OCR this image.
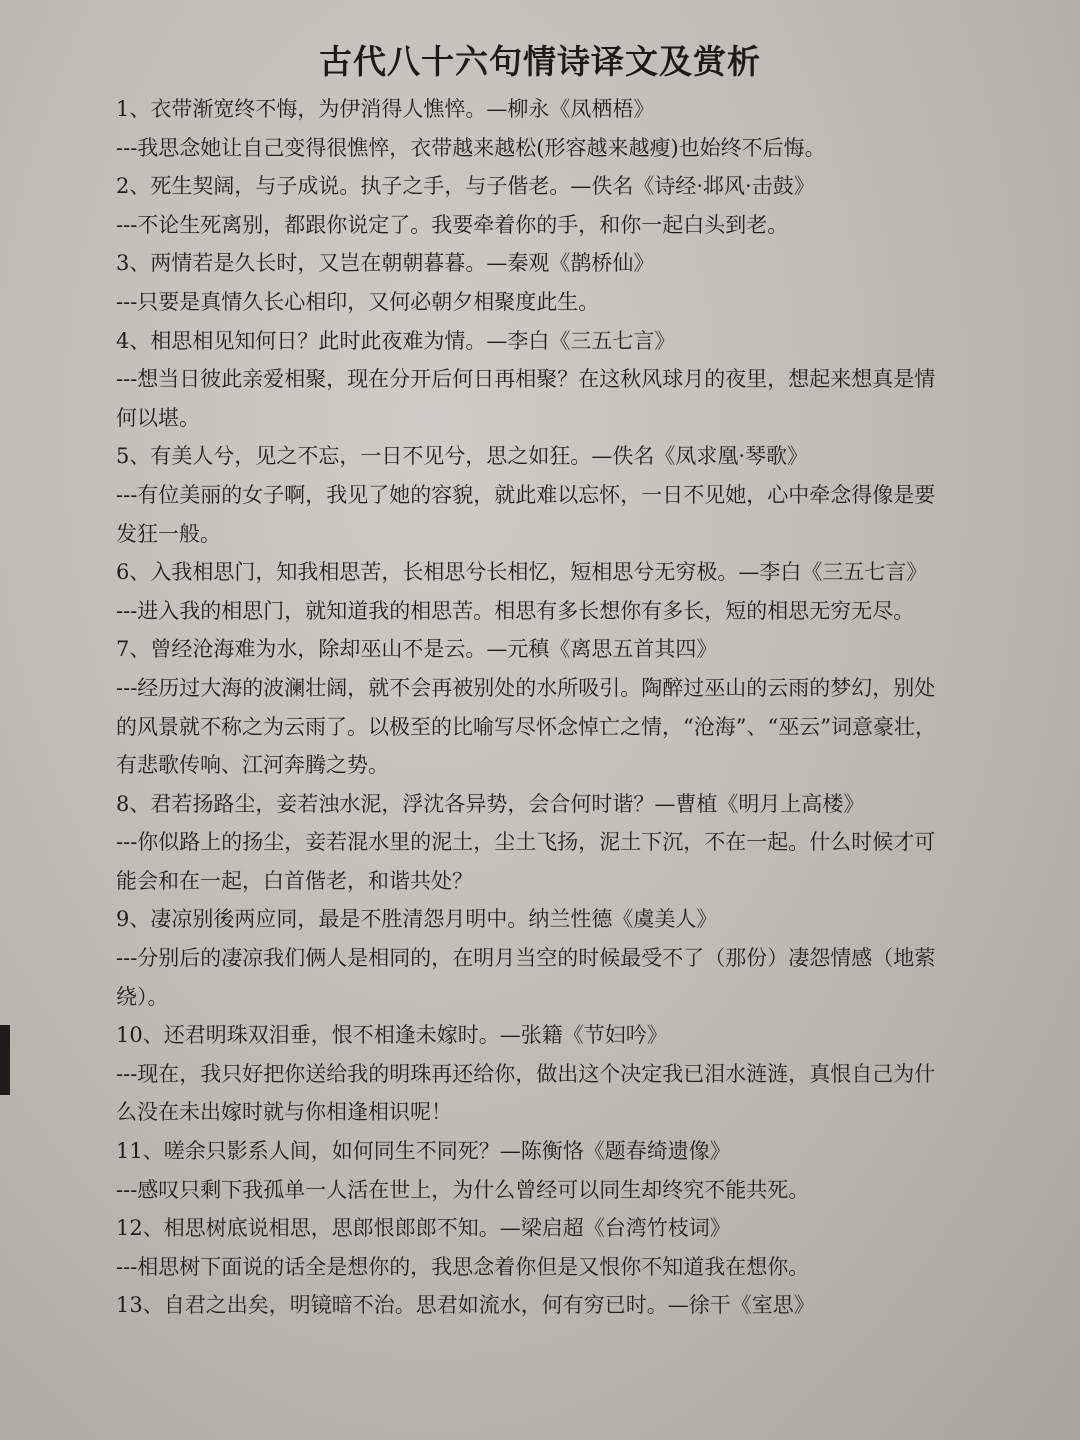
古代八十六句情诗译文及赏析
1、衣带渐宽终不悔，为伊消得人憔悴。—柳永《凤栖梧》
---我思念她让自己变得很憔悴，衣带越来越松(形容越来越瘦)也始终不后悔。
2、死生契阔，与子成说。执子之手，与子偕老。—佚名《诗经·邶风·击鼓》
---不论生死离别，都跟你说定了。我要牵着你的手，和你一起白头到老。
3、两情若是久长时，又岂在朝朝暮暮。—秦观《鹊桥仙》
---只要是真情久长心相印，又何必朝夕相聚度此生。
4、相思相见知何日？此时此夜难为情。—李白《三五七言》
---想当日彼此亲爱相聚，现在分开后何日再相聚？在这秋风球月的夜里，想起来想真是情何以堪。
5、有美人兮，见之不忘，一日不见兮，思之如狂。—佚名《凤求凰·琴歌》
---有位美丽的女子啊，我见了她的容貌，就此难以忘怀，一日不见她，心中牵念得像是要发狂一般。
6、入我相思门，知我相思苦，长相思兮长相忆，短相思兮无穷极。—李白《三五七言》
---进入我的相思门，就知道我的相思苦。相思有多长想你有多长，短的相思无穷无尽。
7、曾经沧海难为水，除却巫山不是云。—元稹《离思五首其四》
---经历过大海的波澜壮阔，就不会再被别处的水所吸引。陶醉过巫山的云雨的梦幻，别处的风景就不称之为云雨了。以极至的比喻写尽怀念悼亡之情，“沧海”、“巫云”词意豪壮，有悲歌传响、江河奔腾之势。
8、君若扬路尘，妾若浊水泥，浮沈各异势，会合何时谐？—曹植《明月上高楼》
---你似路上的扬尘，妾若混水里的泥土，尘土飞扬，泥土下沉，不在一起。什么时候才可能会和在一起，白首偕老，和谐共处？
9、凄凉别後两应同，最是不胜清怨月明中。纳兰性德《虞美人》
---分别后的凄凉我们俩人是相同的，在明月当空的时候最受不了（那份）凄怨情感（地萦绕）。
10、还君明珠双泪垂，恨不相逢未嫁时。—张籍《节妇吟》
---现在，我只好把你送给我的明珠再还给你，做出这个决定我已泪水涟涟，真恨自己为什么没在未出嫁时就与你相逢相识呢！
11、嗟余只影系人间，如何同生不同死？—陈衡恪《题春绮遗像》
---感叹只剩下我孤单一人活在世上，为什么曾经可以同生却终究不能共死。
12、相思树底说相思，思郎恨郎郎不知。—梁启超《台湾竹枝词》
---相思树下面说的话全是想你的，我思念着你但是又恨你不知道我在想你。
13、自君之出矣，明镜暗不治。思君如流水，何有穷已时。—徐干《室思》
